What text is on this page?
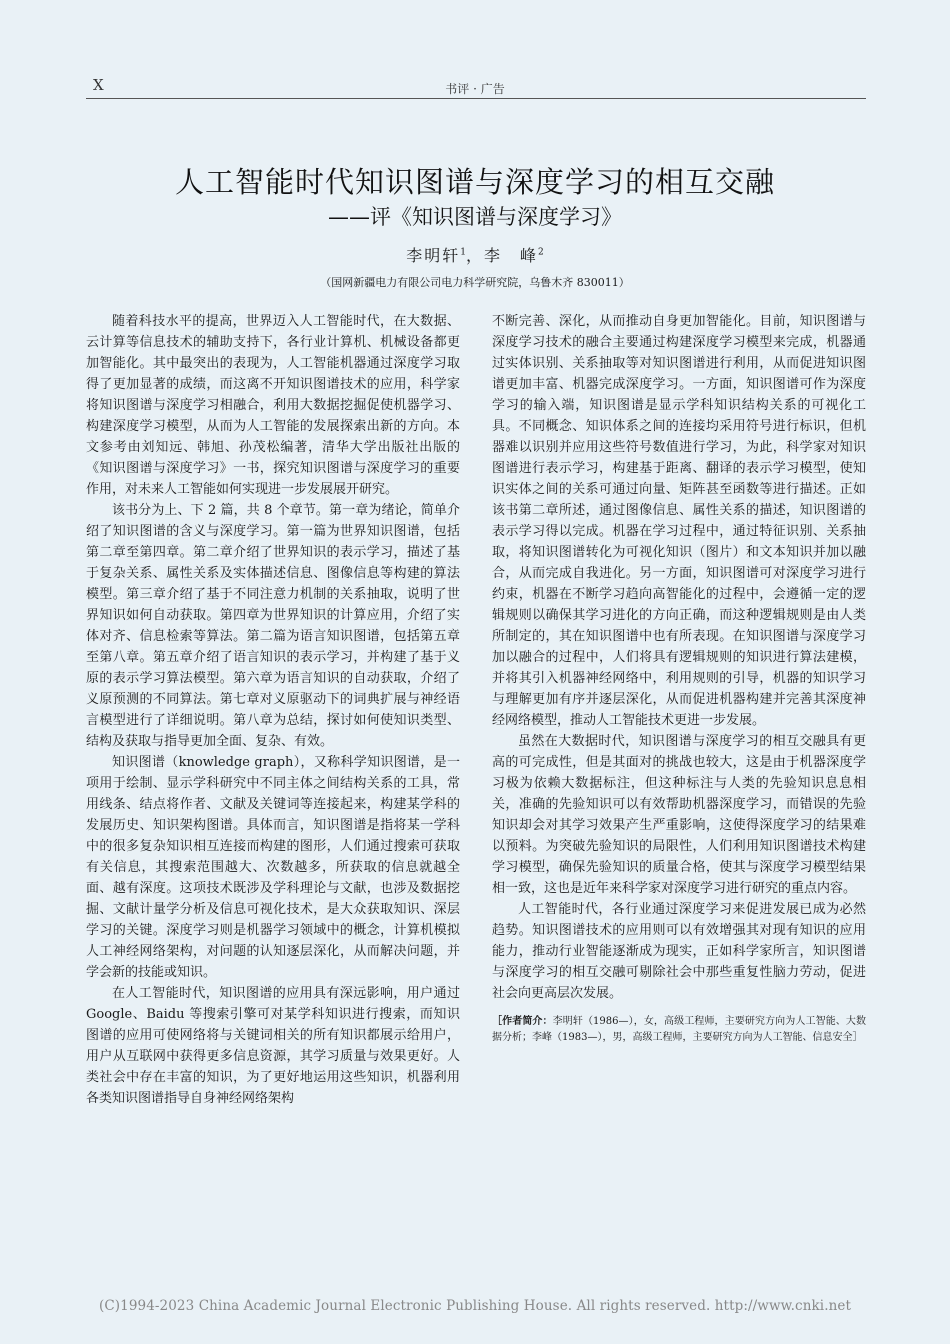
X	书评 · 广告
人工智能时代知识图谱与深度学习的相互交融
——评《知识图谱与深度学习》
李明轩$^1$，李　峰$^2$
（国网新疆电力有限公司电力科学研究院，乌鲁木齐 830011）

随着科技水平的提高，世界迈入人工智能时代，在大数据、云计算等信息技术的辅助支持下，各行业计算机、机械设备都更加智能化。其中最突出的表现为，人工智能机器通过深度学习取得了更加显著的成绩，而这离不开知识图谱技术的应用，科学家将知识图谱与深度学习相融合，利用大数据挖掘促使机器学习、构建深度学习模型，从而为人工智能的发展探索出新的方向。本文参考由刘知远、韩旭、孙茂松编著，清华大学出版社出版的《知识图谱与深度学习》一书，探究知识图谱与深度学习的重要作用，对未来人工智能如何实现进一步发展展开研究。

该书分为上、下 2 篇，共 8 个章节。第一章为绪论，简单介绍了知识图谱的含义与深度学习。第一篇为世界知识图谱，包括第二章至第四章。第二章介绍了世界知识的表示学习，描述了基于复杂关系、属性关系及实体描述信息、图像信息等构建的算法模型。第三章介绍了基于不同注意力机制的关系抽取，说明了世界知识如何自动获取。第四章为世界知识的计算应用，介绍了实体对齐、信息检索等算法。第二篇为语言知识图谱，包括第五章至第八章。第五章介绍了语言知识的表示学习，并构建了基于义原的表示学习算法模型。第六章为语言知识的自动获取，介绍了义原预测的不同算法。第七章对义原驱动下的词典扩展与神经语言模型进行了详细说明。第八章为总结，探讨如何使知识类型、结构及获取与指导更加全面、复杂、有效。

知识图谱（knowledge graph），又称科学知识图谱，是一项用于绘制、显示学科研究中不同主体之间结构关系的工具，常用线条、结点将作者、文献及关键词等连接起来，构建某学科的发展历史、知识架构图谱。具体而言，知识图谱是指将某一学科中的很多复杂知识相互连接而构建的图形，人们通过搜索可获取有关信息，其搜索范围越大、次数越多，所获取的信息就越全面、越有深度。这项技术既涉及学科理论与文献，也涉及数据挖掘、文献计量学分析及信息可视化技术，是大众获取知识、深层学习的关键。深度学习则是机器学习领域中的概念，计算机模拟人工神经网络架构，对问题的认知逐层深化，从而解决问题，并学会新的技能或知识。

在人工智能时代，知识图谱的应用具有深远影响，用户通过 Google、Baidu 等搜索引擎可对某学科知识进行搜索，而知识图谱的应用可使网络将与关键词相关的所有知识都展示给用户，用户从互联网中获得更多信息资源，其学习质量与效果更好。人类社会中存在丰富的知识，为了更好地运用这些知识，机器利用各类知识图谱指导自身神经网络架构

不断完善、深化，从而推动自身更加智能化。目前，知识图谱与深度学习技术的融合主要通过构建深度学习模型来完成，机器通过实体识别、关系抽取等对知识图谱进行利用，从而促进知识图谱更加丰富、机器完成深度学习。一方面，知识图谱可作为深度学习的输入端，知识图谱是显示学科知识结构关系的可视化工具。不同概念、知识体系之间的连接均采用符号进行标识，但机器难以识别并应用这些符号数值进行学习，为此，科学家对知识图谱进行表示学习，构建基于距离、翻译的表示学习模型，使知识实体之间的关系可通过向量、矩阵甚至函数等进行描述。正如该书第二章所述，通过图像信息、属性关系的描述，知识图谱的表示学习得以完成。机器在学习过程中，通过特征识别、关系抽取，将知识图谱转化为可视化知识（图片）和文本知识并加以融合，从而完成自我进化。另一方面，知识图谱可对深度学习进行约束，机器在不断学习趋向高智能化的过程中，会遵循一定的逻辑规则以确保其学习进化的方向正确，而这种逻辑规则是由人类所制定的，其在知识图谱中也有所表现。在知识图谱与深度学习加以融合的过程中，人们将具有逻辑规则的知识进行算法建模，并将其引入机器神经网络中，利用规则的引导，机器的知识学习与理解更加有序并逐层深化，从而促进机器构建并完善其深度神经网络模型，推动人工智能技术更进一步发展。

虽然在大数据时代，知识图谱与深度学习的相互交融具有更高的可完成性，但是其面对的挑战也较大，这是由于机器深度学习极为依赖大数据标注，但这种标注与人类的先验知识息息相关，准确的先验知识可以有效帮助机器深度学习，而错误的先验知识却会对其学习效果产生严重影响，这使得深度学习的结果难以预料。为突破先验知识的局限性，人们利用知识图谱技术构建学习模型，确保先验知识的质量合格，使其与深度学习模型结果相一致，这也是近年来科学家对深度学习进行研究的重点内容。

人工智能时代，各行业通过深度学习来促进发展已成为必然趋势。知识图谱技术的应用则可以有效增强其对现有知识的应用能力，推动行业智能逐渐成为现实，正如科学家所言，知识图谱与深度学习的相互交融可剔除社会中那些重复性脑力劳动，促进社会向更高层次发展。

［作者简介：李明轩（1986—），女，高级工程师，主要研究方向为人工智能、大数据分析；李峰（1983—），男，高级工程师，主要研究方向为人工智能、信息安全］
(C)1994-2023 China Academic Journal Electronic Publishing House. All rights reserved. http://www.cnki.net
